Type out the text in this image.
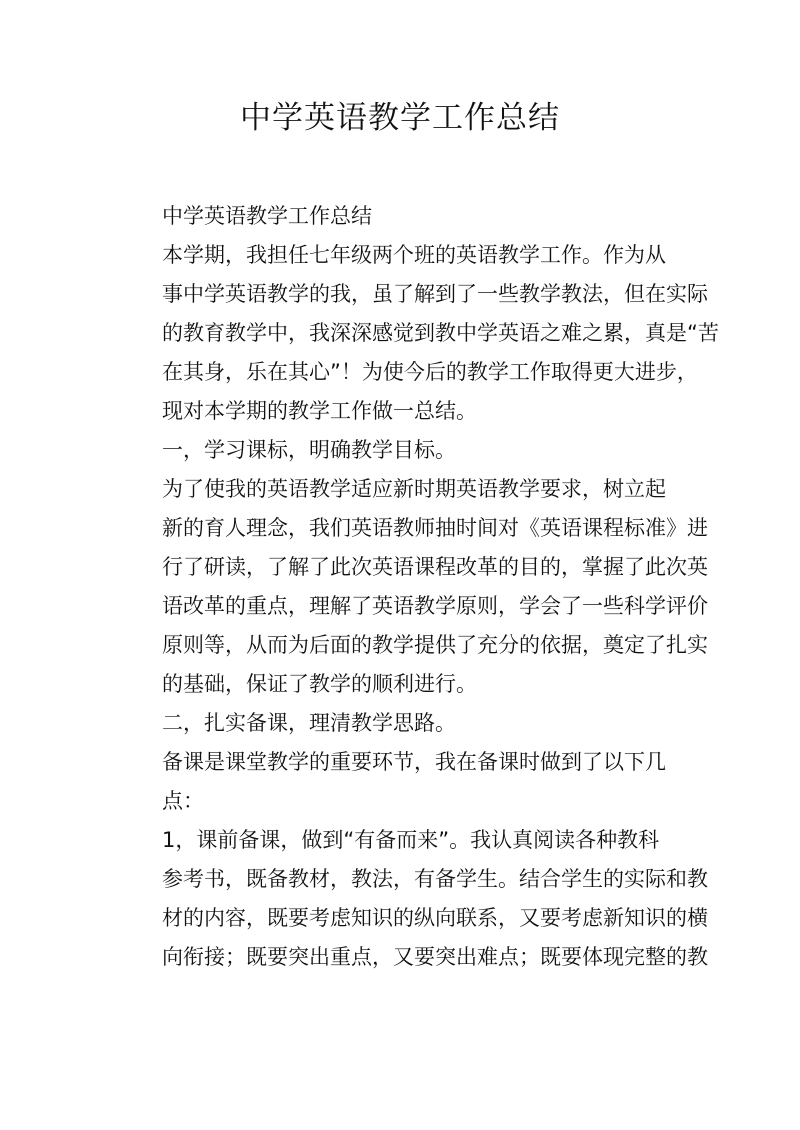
中学英语教学工作总结

中学英语教学工作总结

本学期，我担任七年级两个班的英语教学工作。作为从
事中学英语教学的我，虽了解到了一些教学教法，但在实际
的教育教学中，我深深感觉到教中学英语之难之累，真是“苦
在其身，乐在其心”！为使今后的教学工作取得更大进步，
现对本学期的教学工作做一总结。

一，学习课标，明确教学目标。

为了使我的英语教学适应新时期英语教学要求，树立起
新的育人理念，我们英语教师抽时间对《英语课程标准》进
行了研读，了解了此次英语课程改革的目的，掌握了此次英
语改革的重点，理解了英语教学原则，学会了一些科学评价
原则等，从而为后面的教学提供了充分的依据，奠定了扎实
的基础，保证了教学的顺利进行。

二，扎实备课，理清教学思路。

备课是课堂教学的重要环节，我在备课时做到了以下几
点：

1，课前备课，做到“有备而来”。我认真阅读各种教科
参考书，既备教材，教法，有备学生。结合学生的实际和教
材的内容，既要考虑知识的纵向联系，又要考虑新知识的横
向衔接；既要突出重点，又要突出难点；既要体现完整的教
